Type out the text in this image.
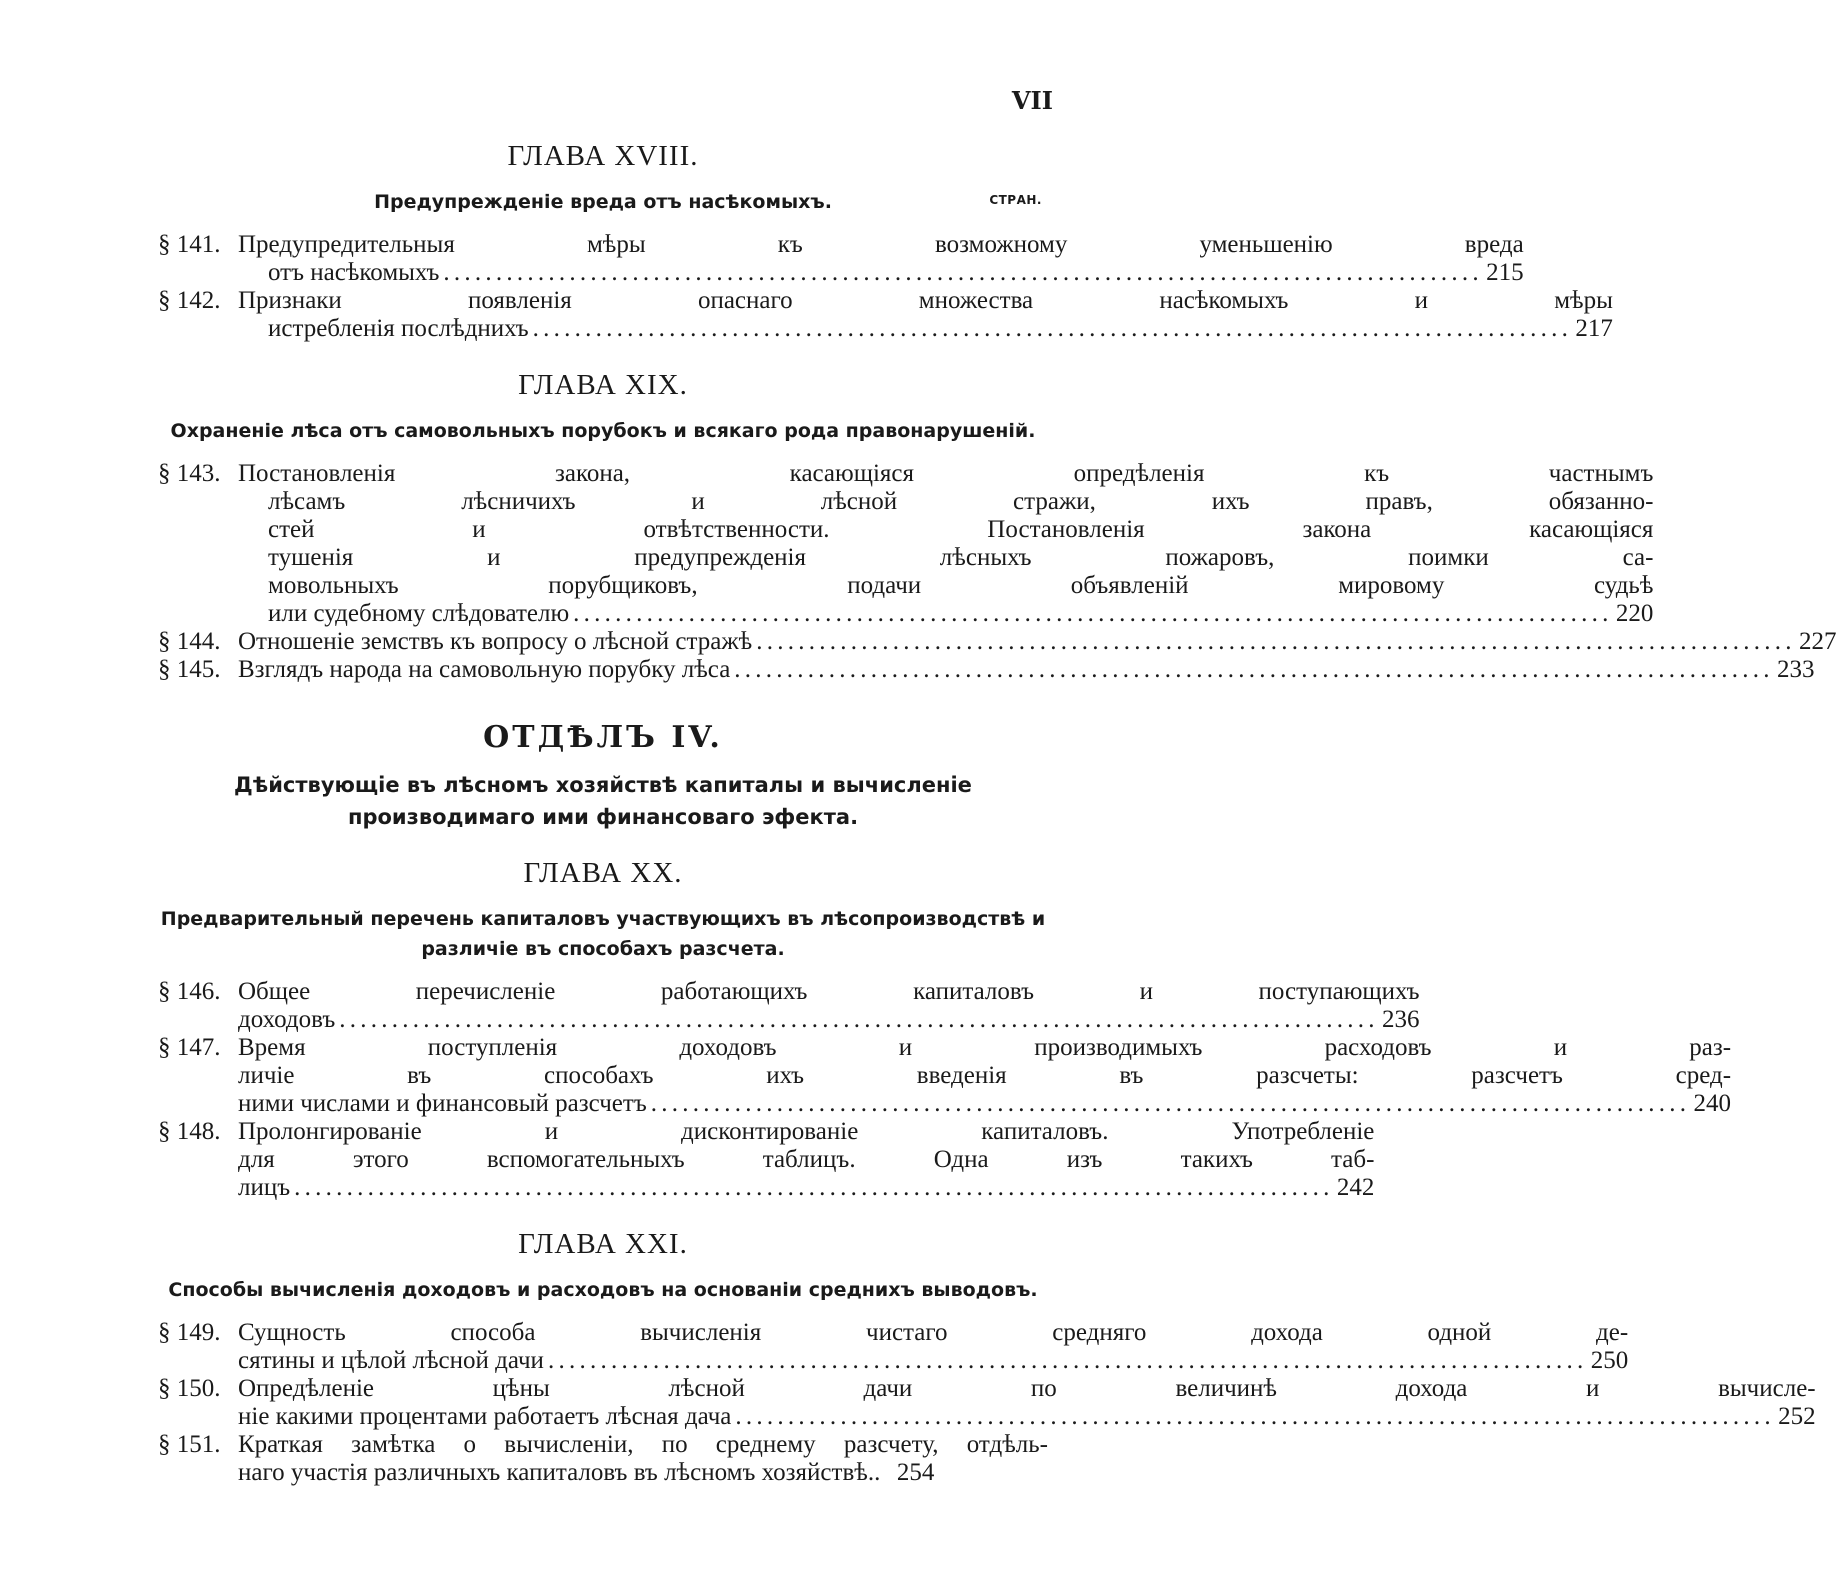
VII
ГЛАВА XVIII.
Предупрежденіе вреда отъ насѣкомыхъ.	СТРАН.
§ 141. Предупредительныя мѣры къ возможному уменьшенію вреда
отъ насѣкомыхъ . . .	215
§ 142. Признаки появленія опаснаго множества насѣкомыхъ и мѣры
истребленія послѣднихъ . . .	217
ГЛАВА XIX.
Охраненіе лѣса отъ самовольныхъ порубокъ и всякаго рода правонарушеній.
§ 143. Постановленія закона, касающіяся опредѣленія къ частнымъ
лѣсамъ лѣсничихъ и лѣсной стражи, ихъ правъ, обязанно-
стей и отвѣтственности. Постановленія закона касающіяся
тушенія и предупрежденія лѣсныхъ пожаровъ, поимки са-
мовольныхъ порубщиковъ, подачи объявленій мировому судьѣ
или судебному слѣдователю . . .	220
§ 144. Отношеніе земствъ къ вопросу о лѣсной стражѣ . . .	227
§ 145. Взглядъ народа на самовольную порубку лѣса . . .	233
ОТДѢЛЪ IV.
Дѣйствующіе въ лѣсномъ хозяйствѣ капиталы и вычисленіе
производимаго ими финансоваго эфекта.
ГЛАВА XX.
Предварительный перечень капиталовъ участвующихъ въ лѣсопроизводствѣ и
различіе въ способахъ разсчета.
§ 146. Общее перечисленіе работающихъ капиталовъ и поступающихъ
доходовъ . . .	236
§ 147. Время поступленія доходовъ и производимыхъ расходовъ и раз-
личіе въ способахъ ихъ введенія въ разсчеты: разсчетъ сред-
ними числами и финансовый разсчетъ . . .	240
§ 148. Пролонгированіе и дисконтированіе капиталовъ. Употребленіе
для этого вспомогательныхъ таблицъ. Одна изъ такихъ таб-
лицъ . . .	242
ГЛАВА XXI.
Способы вычисленія доходовъ и расходовъ на основаніи среднихъ выводовъ.
§ 149. Сущность способа вычисленія чистаго средняго дохода одной де-
сятины и цѣлой лѣсной дачи . . .	250
§ 150. Опредѣленіе цѣны лѣсной дачи по величинѣ дохода и вычисле-
ніе какими процентами работаетъ лѣсная дача . . .	252
§ 151. Краткая замѣтка о вычисленіи, по среднему разсчету, отдѣль-
наго участія различныхъ капиталовъ въ лѣсномъ хозяйствѣ.. 254
